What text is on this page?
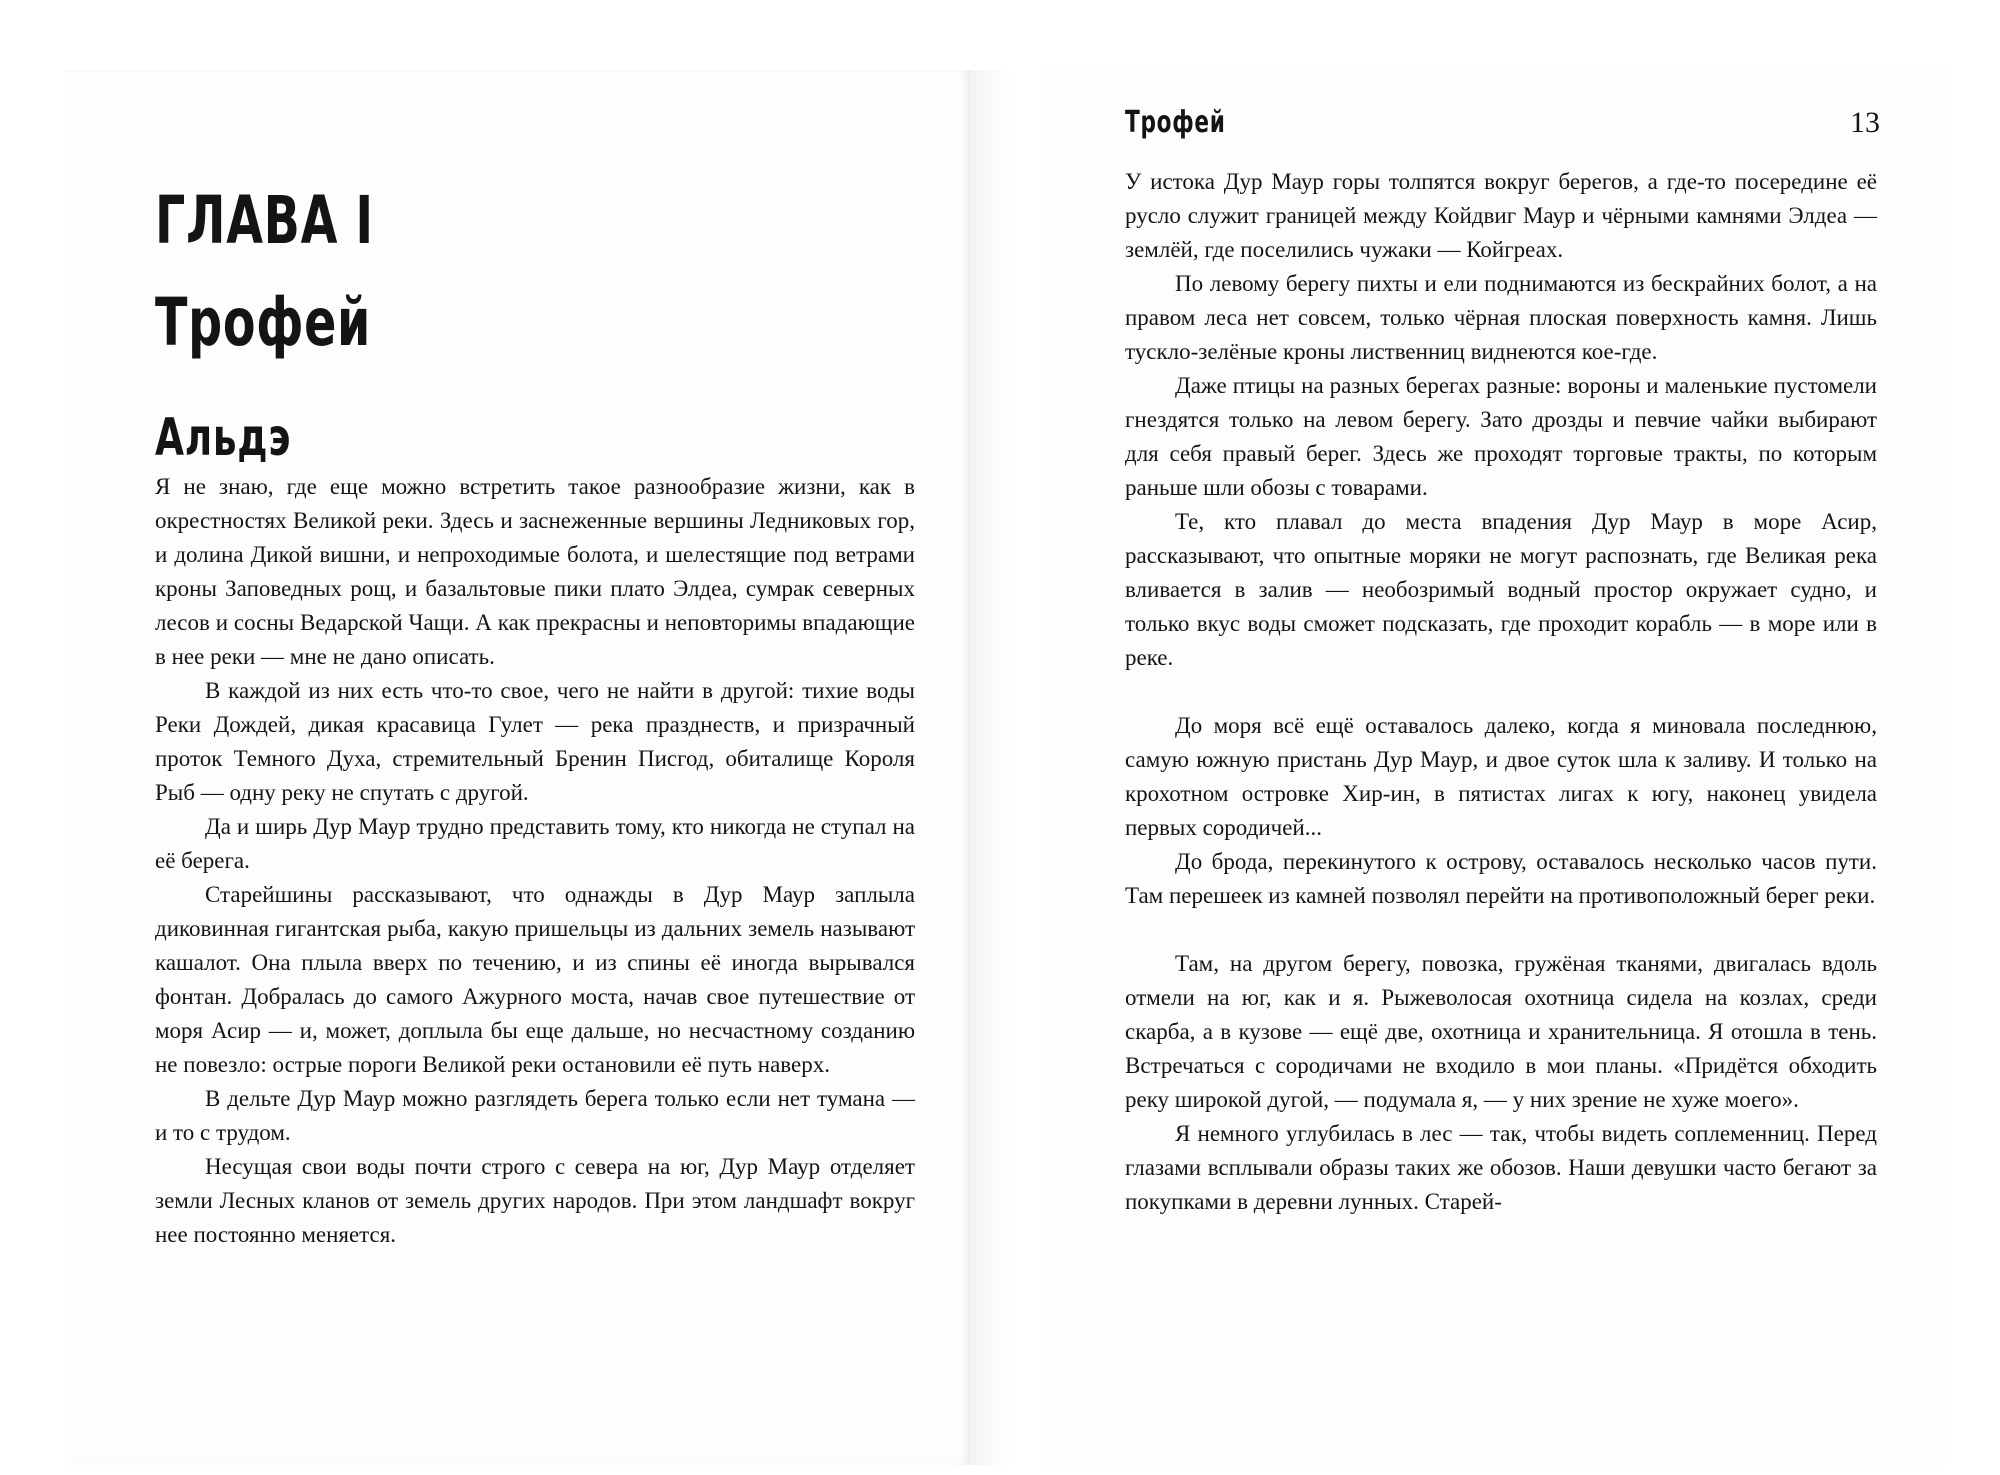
ГЛАВА I
Трофей
Альдэ

Я не знаю, где еще можно встретить такое разнообразие жизни, как в окрестностях Великой реки. Здесь и заснеженные вершины Ледниковых гор, и долина Дикой вишни, и непроходимые болота, и шелестящие под ветрами кроны Заповедных рощ, и базальтовые пики плато Элдеа, сумрак северных лесов и сосны Ведарской Чащи. А как прекрасны и неповторимы впадающие в нее реки — мне не дано описать.

В каждой из них есть что-то свое, чего не найти в другой: тихие воды Реки Дождей, дикая красавица Гулет — река празднеств, и призрачный проток Темного Духа, стремительный Бренин Писгод, обиталище Короля Рыб — одну реку не спутать с другой.

Да и ширь Дур Маур трудно представить тому, кто никогда не ступал на её берега.

Старейшины рассказывают, что однажды в Дур Маур заплыла диковинная гигантская рыба, какую пришельцы из дальних земель называют кашалот. Она плыла вверх по течению, и из спины её иногда вырывался фонтан. Добралась до самого Ажурного моста, начав свое путешествие от моря Асир — и, может, доплыла бы еще дальше, но несчастному созданию не повезло: острые пороги Великой реки остановили её путь наверх.

В дельте Дур Маур можно разглядеть берега только если нет тумана — и то с трудом.

Несущая свои воды почти строго с севера на юг, Дур Маур отделяет земли Лесных кланов от земель других народов. При этом ландшафт вокруг нее постоянно меняется.

Трофей	13

У истока Дур Маур горы толпятся вокруг берегов, а где-то посередине её русло служит границей между Койдвиг Маур и чёрными камнями Элдеа — землёй, где поселились чужаки — Койгреах.

По левому берегу пихты и ели поднимаются из бескрайних болот, а на правом леса нет совсем, только чёрная плоская поверхность камня. Лишь тускло-зелёные кроны лиственниц виднеются кое-где.

Даже птицы на разных берегах разные: вороны и маленькие пустомели гнездятся только на левом берегу. Зато дрозды и певчие чайки выбирают для себя правый берег. Здесь же проходят торговые тракты, по которым раньше шли обозы с товарами.

Те, кто плавал до места впадения Дур Маур в море Асир, рассказывают, что опытные моряки не могут распознать, где Великая река вливается в залив — необозримый водный простор окружает судно, и только вкус воды сможет подсказать, где проходит корабль — в море или в реке.

До моря всё ещё оставалось далеко, когда я миновала последнюю, самую южную пристань Дур Маур, и двое суток шла к заливу. И только на крохотном островке Хир-ин, в пятистах лигах к югу, наконец увидела первых сородичей...

До брода, перекинутого к острову, оставалось несколько часов пути. Там перешеек из камней позволял перейти на противоположный берег реки.

Там, на другом берегу, повозка, гружёная тканями, двигалась вдоль отмели на юг, как и я. Рыжеволосая охотница сидела на козлах, среди скарба, а в кузове — ещё две, охотница и хранительница. Я отошла в тень. Встречаться с сородичами не входило в мои планы. «Придётся обходить реку широкой дугой, — подумала я, — у них зрение не хуже моего».

Я немного углубилась в лес — так, чтобы видеть соплеменниц. Перед глазами всплывали образы таких же обозов. Наши девушки часто бегают за покупками в деревни лунных. Старей-
